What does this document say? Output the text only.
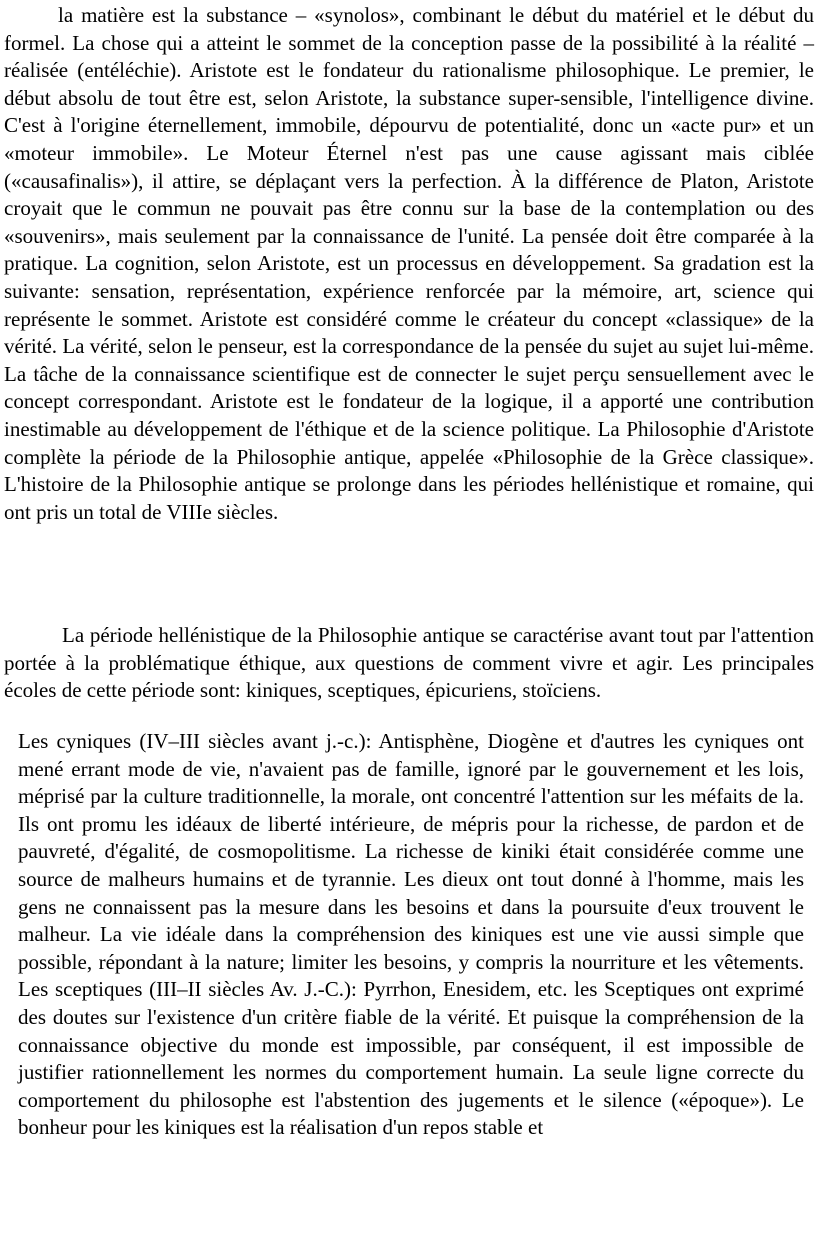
la matière est la substance – «synolos», combinant le début du matériel et le début du formel. La chose qui a atteint le sommet de la conception passe de la possibilité à la réalité – réalisée (entéléchie). Aristote est le fondateur du rationalisme philosophique. Le premier, le début absolu de tout être est, selon Aristote, la substance super-sensible, l'intelligence divine. C'est à l'origine éternellement, immobile, dépourvu de potentialité, donc un «acte pur» et un «moteur immobile». Le Moteur Éternel n'est pas une cause agissant mais ciblée («causafinalis»), il attire, se déplaçant vers la perfection. À la différence de Platon, Aristote croyait que le commun ne pouvait pas être connu sur la base de la contemplation ou des «souvenirs», mais seulement par la connaissance de l'unité. La pensée doit être comparée à la pratique. La cognition, selon Aristote, est un processus en développement. Sa gradation est la suivante: sensation, représentation, expérience renforcée par la mémoire, art, science qui représente le sommet. Aristote est considéré comme le créateur du concept «classique» de la vérité. La vérité, selon le penseur, est la correspondance de la pensée du sujet au sujet lui-même. La tâche de la connaissance scientifique est de connecter le sujet perçu sensuellement avec le concept correspondant. Aristote est le fondateur de la logique, il a apporté une contribution inestimable au développement de l'éthique et de la science politique. La Philosophie d'Aristote complète la période de la Philosophie antique, appelée «Philosophie de la Grèce classique». L'histoire de la Philosophie antique se prolonge dans les périodes hellénistique et romaine, qui ont pris un total de VIIIe siècles.

La période hellénistique de la Philosophie antique se caractérise avant tout par l'attention portée à la problématique éthique, aux questions de comment vivre et agir. Les principales écoles de cette période sont: kiniques, sceptiques, épicuriens, stoïciens.

Les cyniques (IV–III siècles avant j.-c.): Antisphène, Diogène et d'autres les cyniques ont mené errant mode de vie, n'avaient pas de famille, ignoré par le gouvernement et les lois, méprisé par la culture traditionnelle, la morale, ont concentré l'attention sur les méfaits de la. Ils ont promu les idéaux de liberté intérieure, de mépris pour la richesse, de pardon et de pauvreté, d'égalité, de cosmopolitisme. La richesse de kiniki était considérée comme une source de malheurs humains et de tyrannie. Les dieux ont tout donné à l'homme, mais les gens ne connaissent pas la mesure dans les besoins et dans la poursuite d'eux trouvent le malheur. La vie idéale dans la compréhension des kiniques est une vie aussi simple que possible, répondant à la nature; limiter les besoins, y compris la nourriture et les vêtements. Les sceptiques (III–II siècles Av. J.-C.): Pyrrhon, Enesidem, etc. les Sceptiques ont exprimé des doutes sur l'existence d'un critère fiable de la vérité. Et puisque la compréhension de la connaissance objective du monde est impossible, par conséquent, il est impossible de justifier rationnellement les normes du comportement humain. La seule ligne correcte du comportement du philosophe est l'abstention des jugements et le silence («époque»). Le bonheur pour les kiniques est la réalisation d'un repos stable et
